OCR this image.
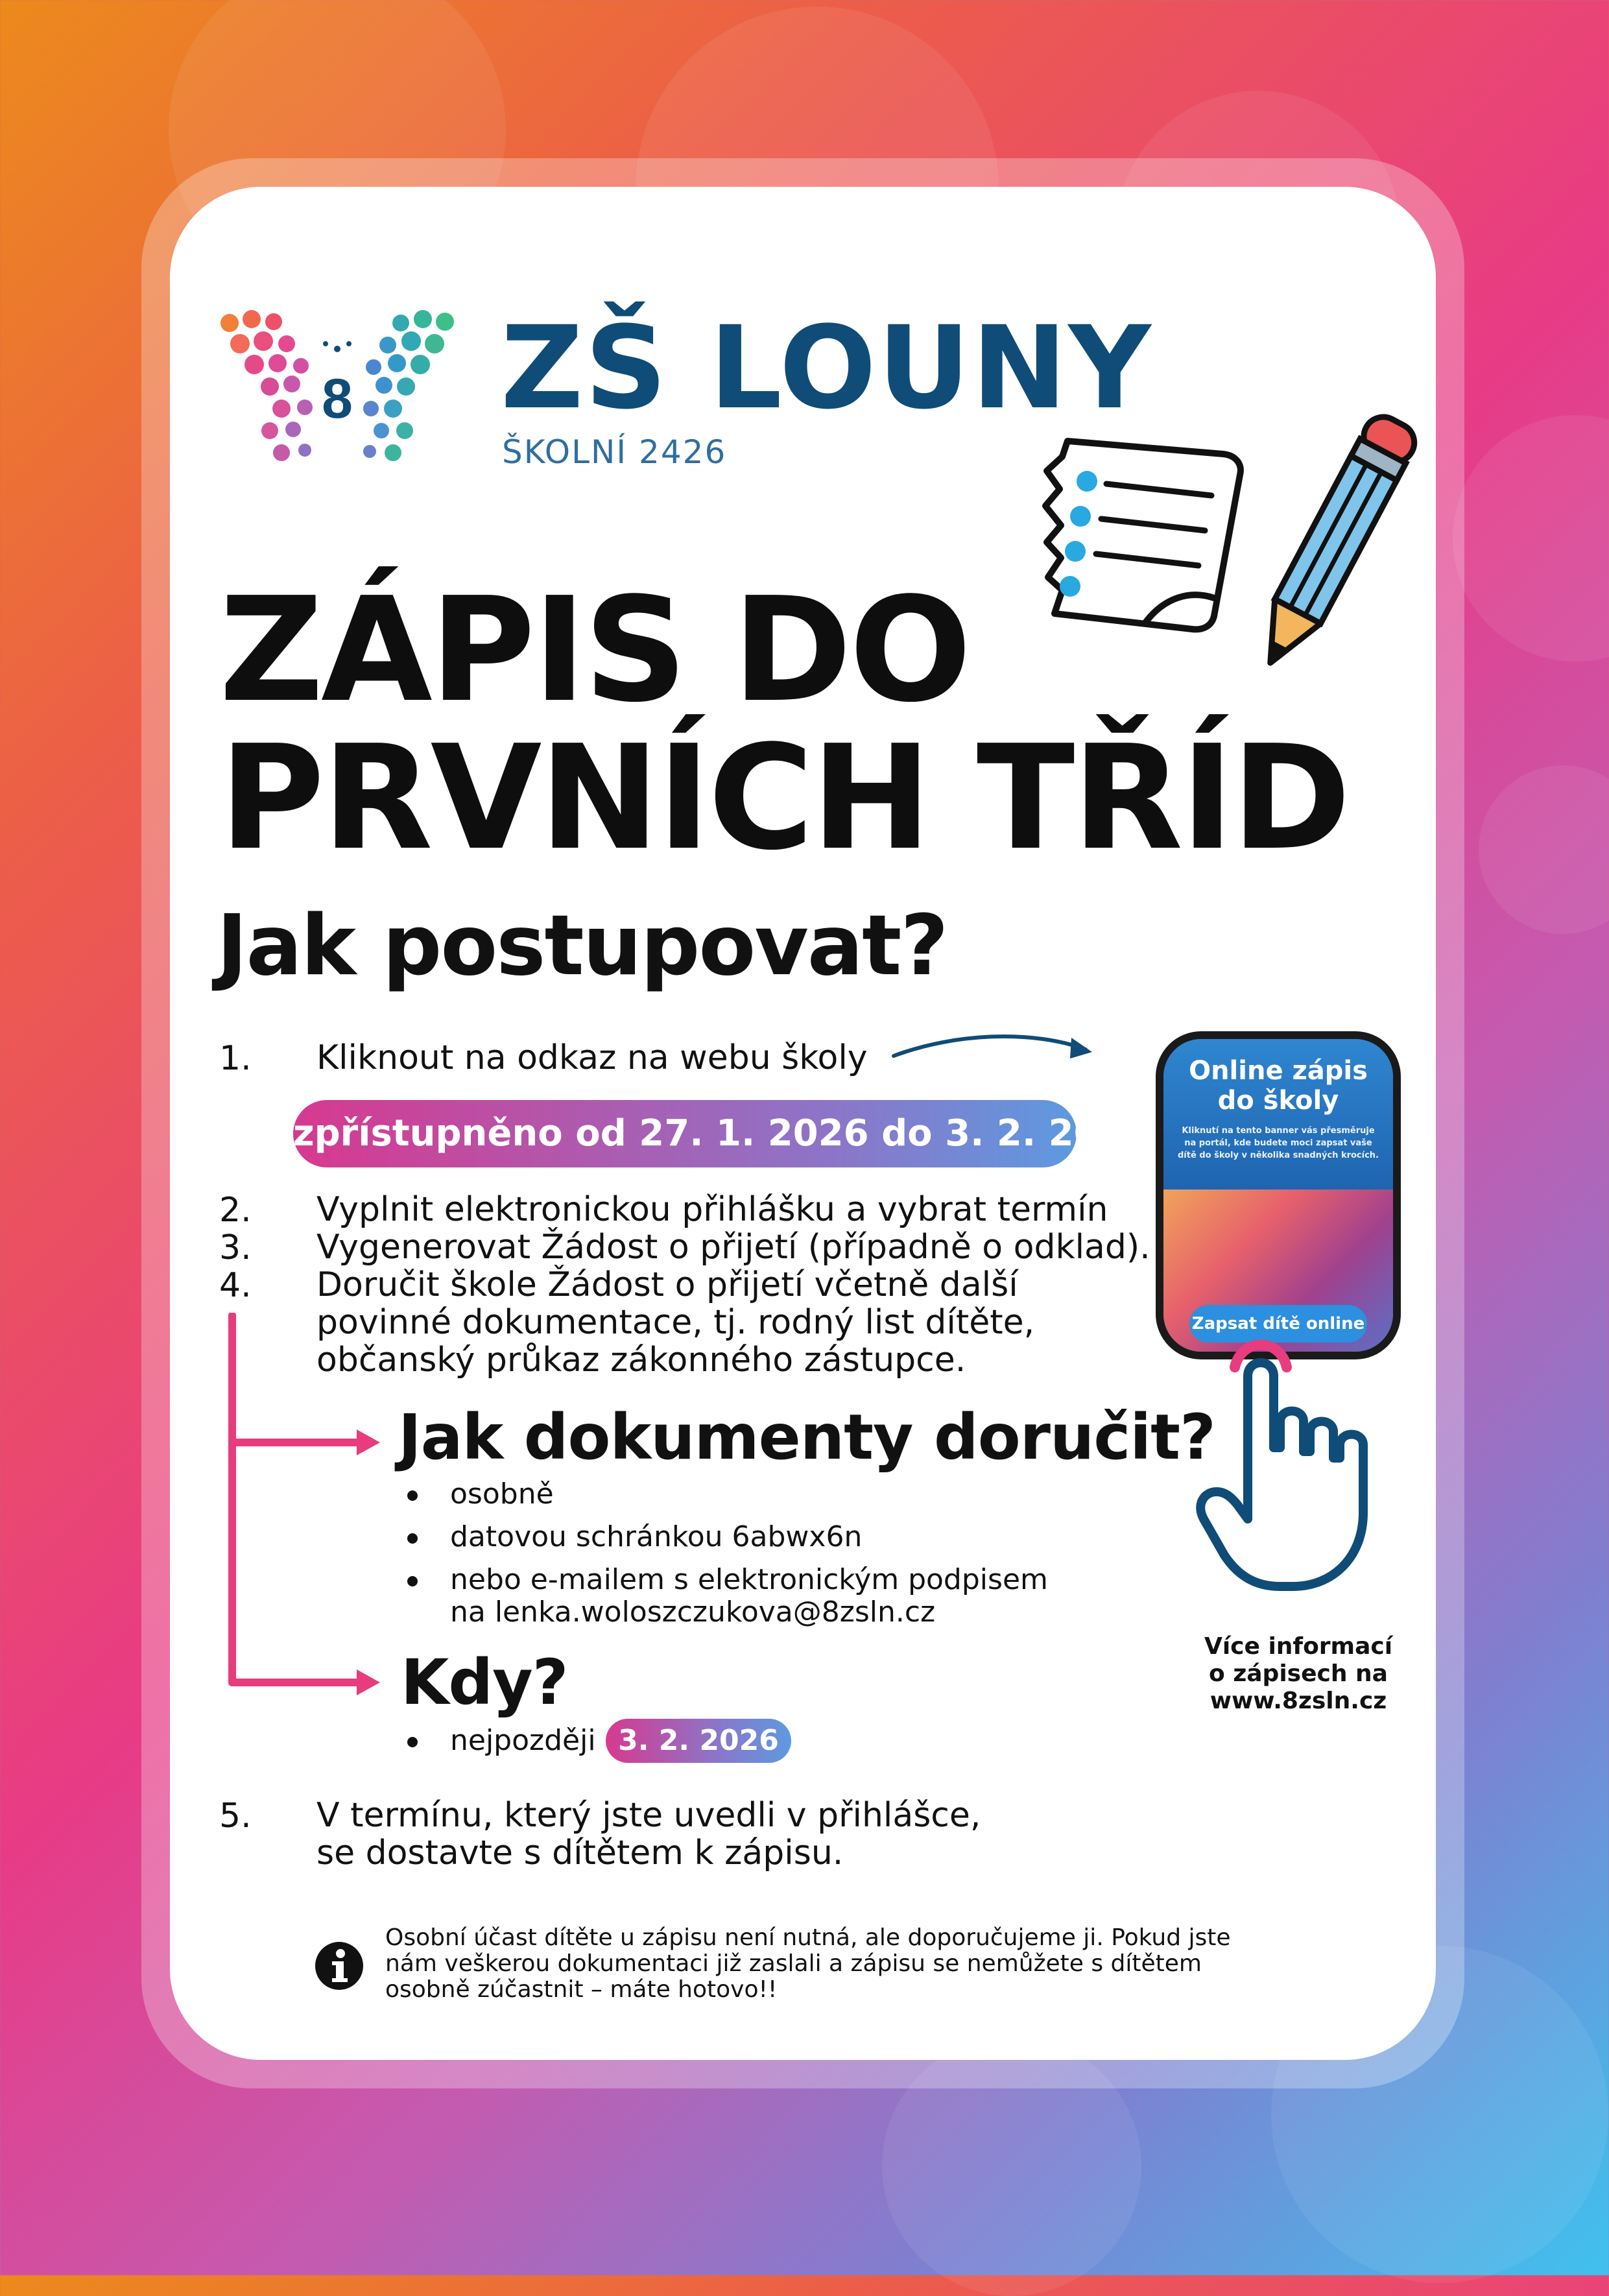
8 ZŠ LOUNY
ŠKOLNÍ 2426
ZÁPIS DO
PRVNÍCH TŘÍD
Jak postupovat?
1. Kliknout na odkaz na webu školy
zpřístupněno od 27. 1. 2026 do 3. 2. 2026
2. Vyplnit elektronickou přihlášku a vybrat termín
3. Vygenerovat Žádost o přijetí (případně o odklad).
4. Doručit škole Žádost o přijetí včetně další
povinné dokumentace, tj. rodný list dítěte,
občanský průkaz zákonného zástupce.
Jak dokumenty doručit?
osobně
datovou schránkou 6abwx6n
nebo e-mailem s elektronickým podpisem
na lenka.woloszczukova@8zsln.cz
Kdy?
nejpozději 3. 2. 2026
5. V termínu, který jste uvedli v přihlášce,
se dostavte s dítětem k zápisu.
Osobní účast dítěte u zápisu není nutná, ale doporučujeme ji. Pokud jste
nám veškerou dokumentaci již zaslali a zápisu se nemůžete s dítětem
osobně zúčastnit – máte hotovo!!
Online zápis
do školy
Kliknutí na tento banner vás přesměruje na portál, kde budete moci zapsat vaše dítě do školy v několika snadných krocích.
Zapsat dítě online
Více informací
o zápisech na
www.8zsln.cz
